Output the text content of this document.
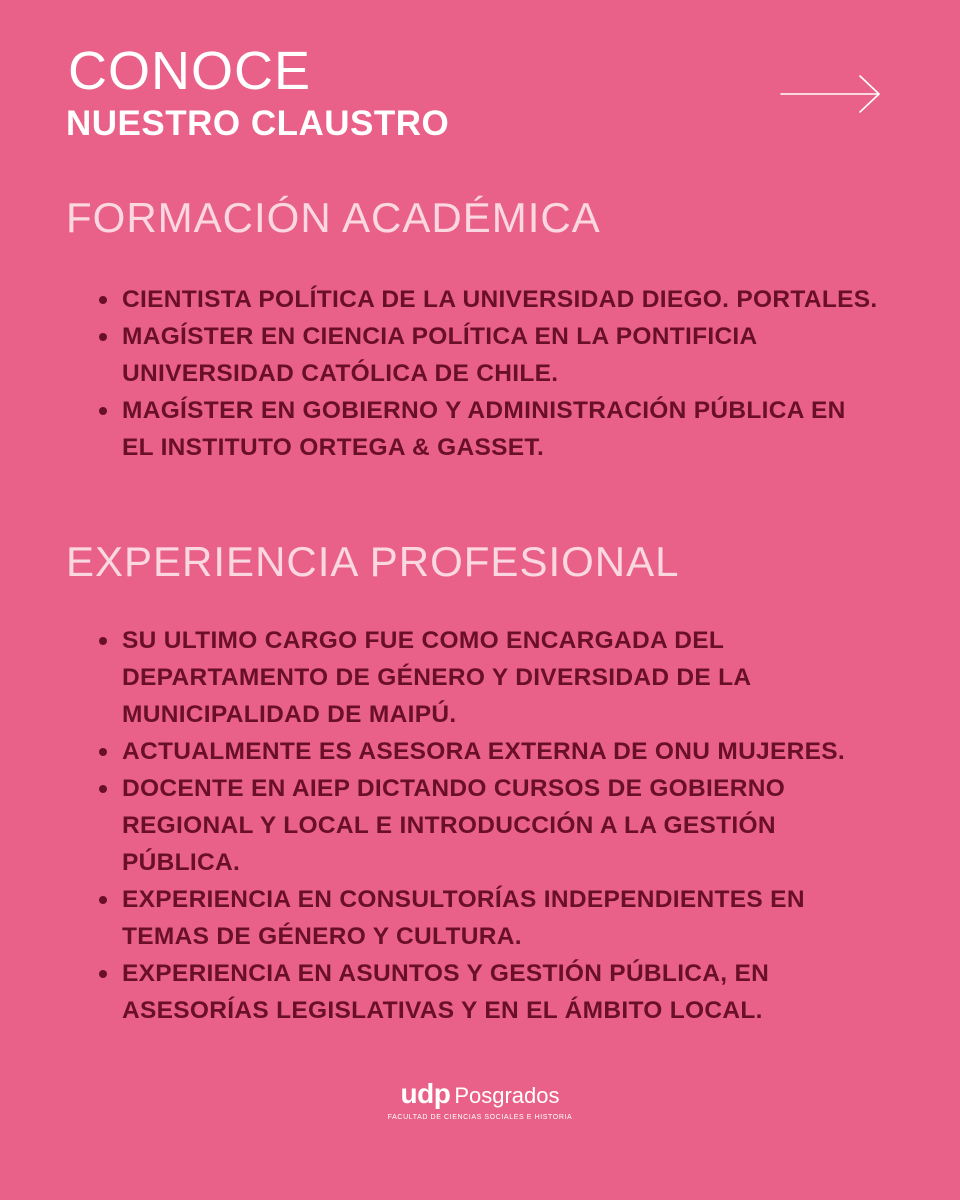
CONOCE
NUESTRO CLAUSTRO
FORMACIÓN ACADÉMICA
CIENTISTA POLÍTICA DE LA UNIVERSIDAD DIEGO. PORTALES.
MAGÍSTER EN CIENCIA POLÍTICA EN LA PONTIFICIA UNIVERSIDAD CATÓLICA DE CHILE.
MAGÍSTER EN GOBIERNO Y ADMINISTRACIÓN PÚBLICA EN EL INSTITUTO ORTEGA & GASSET.
EXPERIENCIA PROFESIONAL
SU ULTIMO CARGO FUE COMO ENCARGADA DEL DEPARTAMENTO DE GÉNERO Y DIVERSIDAD DE LA MUNICIPALIDAD DE MAIPÚ.
ACTUALMENTE ES ASESORA EXTERNA DE ONU MUJERES.
DOCENTE EN AIEP DICTANDO CURSOS DE GOBIERNO REGIONAL Y LOCAL E INTRODUCCIÓN A LA GESTIÓN PÚBLICA.
EXPERIENCIA EN CONSULTORÍAS INDEPENDIENTES EN TEMAS DE GÉNERO Y CULTURA.
EXPERIENCIA EN ASUNTOS Y GESTIÓN PÚBLICA, EN ASESORÍAS LEGISLATIVAS Y EN EL ÁMBITO LOCAL.
udp Posgrados
FACULTAD DE CIENCIAS SOCIALES E HISTORIA
